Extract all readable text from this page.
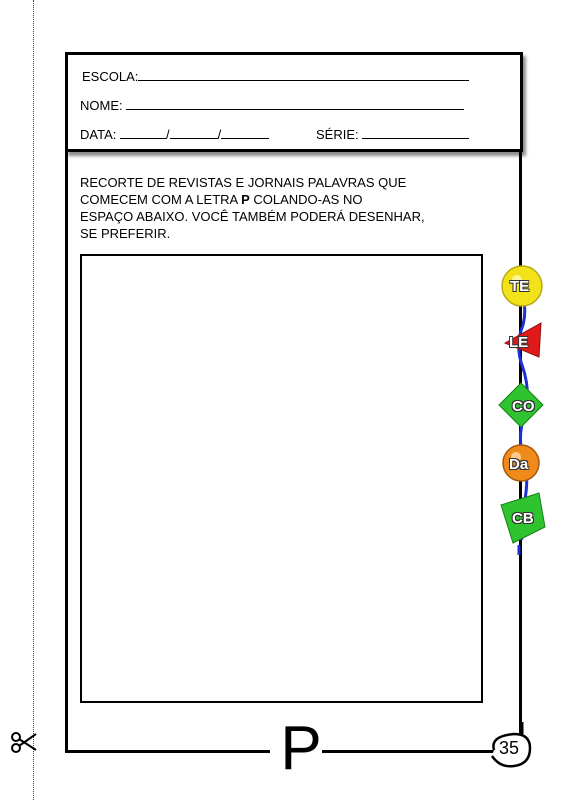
ESCOLA:
NOME:
DATA:	/	/	SÉRIE:
RECORTE DE REVISTAS E JORNAIS PALAVRAS QUE
COMECEM COM A LETRA P COLANDO-AS NO
ESPAÇO ABAIXO. VOCÊ TAMBÉM PODERÁ DESENHAR,
SE PREFERIR.
TE
LE
CO
Da
CB
P	35
